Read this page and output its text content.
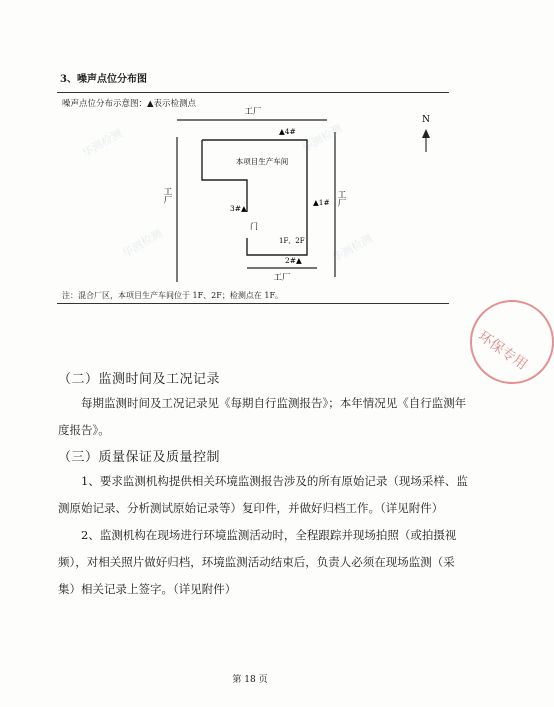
3、噪声点位分布图
噪声点位分布示意图：▲表示检测点
工厂
工厂	工厂
工厂
本项目生产车间
门
▲4#
▲1#
2#▲
3#▲
1F、2F
N
注：混合厂区，本项目生产车间位于 1F、2F；检测点在 1F。
华测检测	华测检测
华测检测	华测检测
（二）监测时间及工况记录
每期监测时间及工况记录见《每期自行监测报告》；本年情况见《自行监测年度报告》。
（三）质量保证及质量控制
1、要求监测机构提供相关环境监测报告涉及的所有原始记录（现场采样、监测原始记录、分析测试原始记录等）复印件，并做好归档工作。（详见附件）
2、监测机构在现场进行环境监测活动时，全程跟踪并现场拍照（或拍摄视频），对相关照片做好归档，环境监测活动结束后，负责人必须在现场监测（采集）相关记录上签字。（详见附件）
环保专用
第 18 页
